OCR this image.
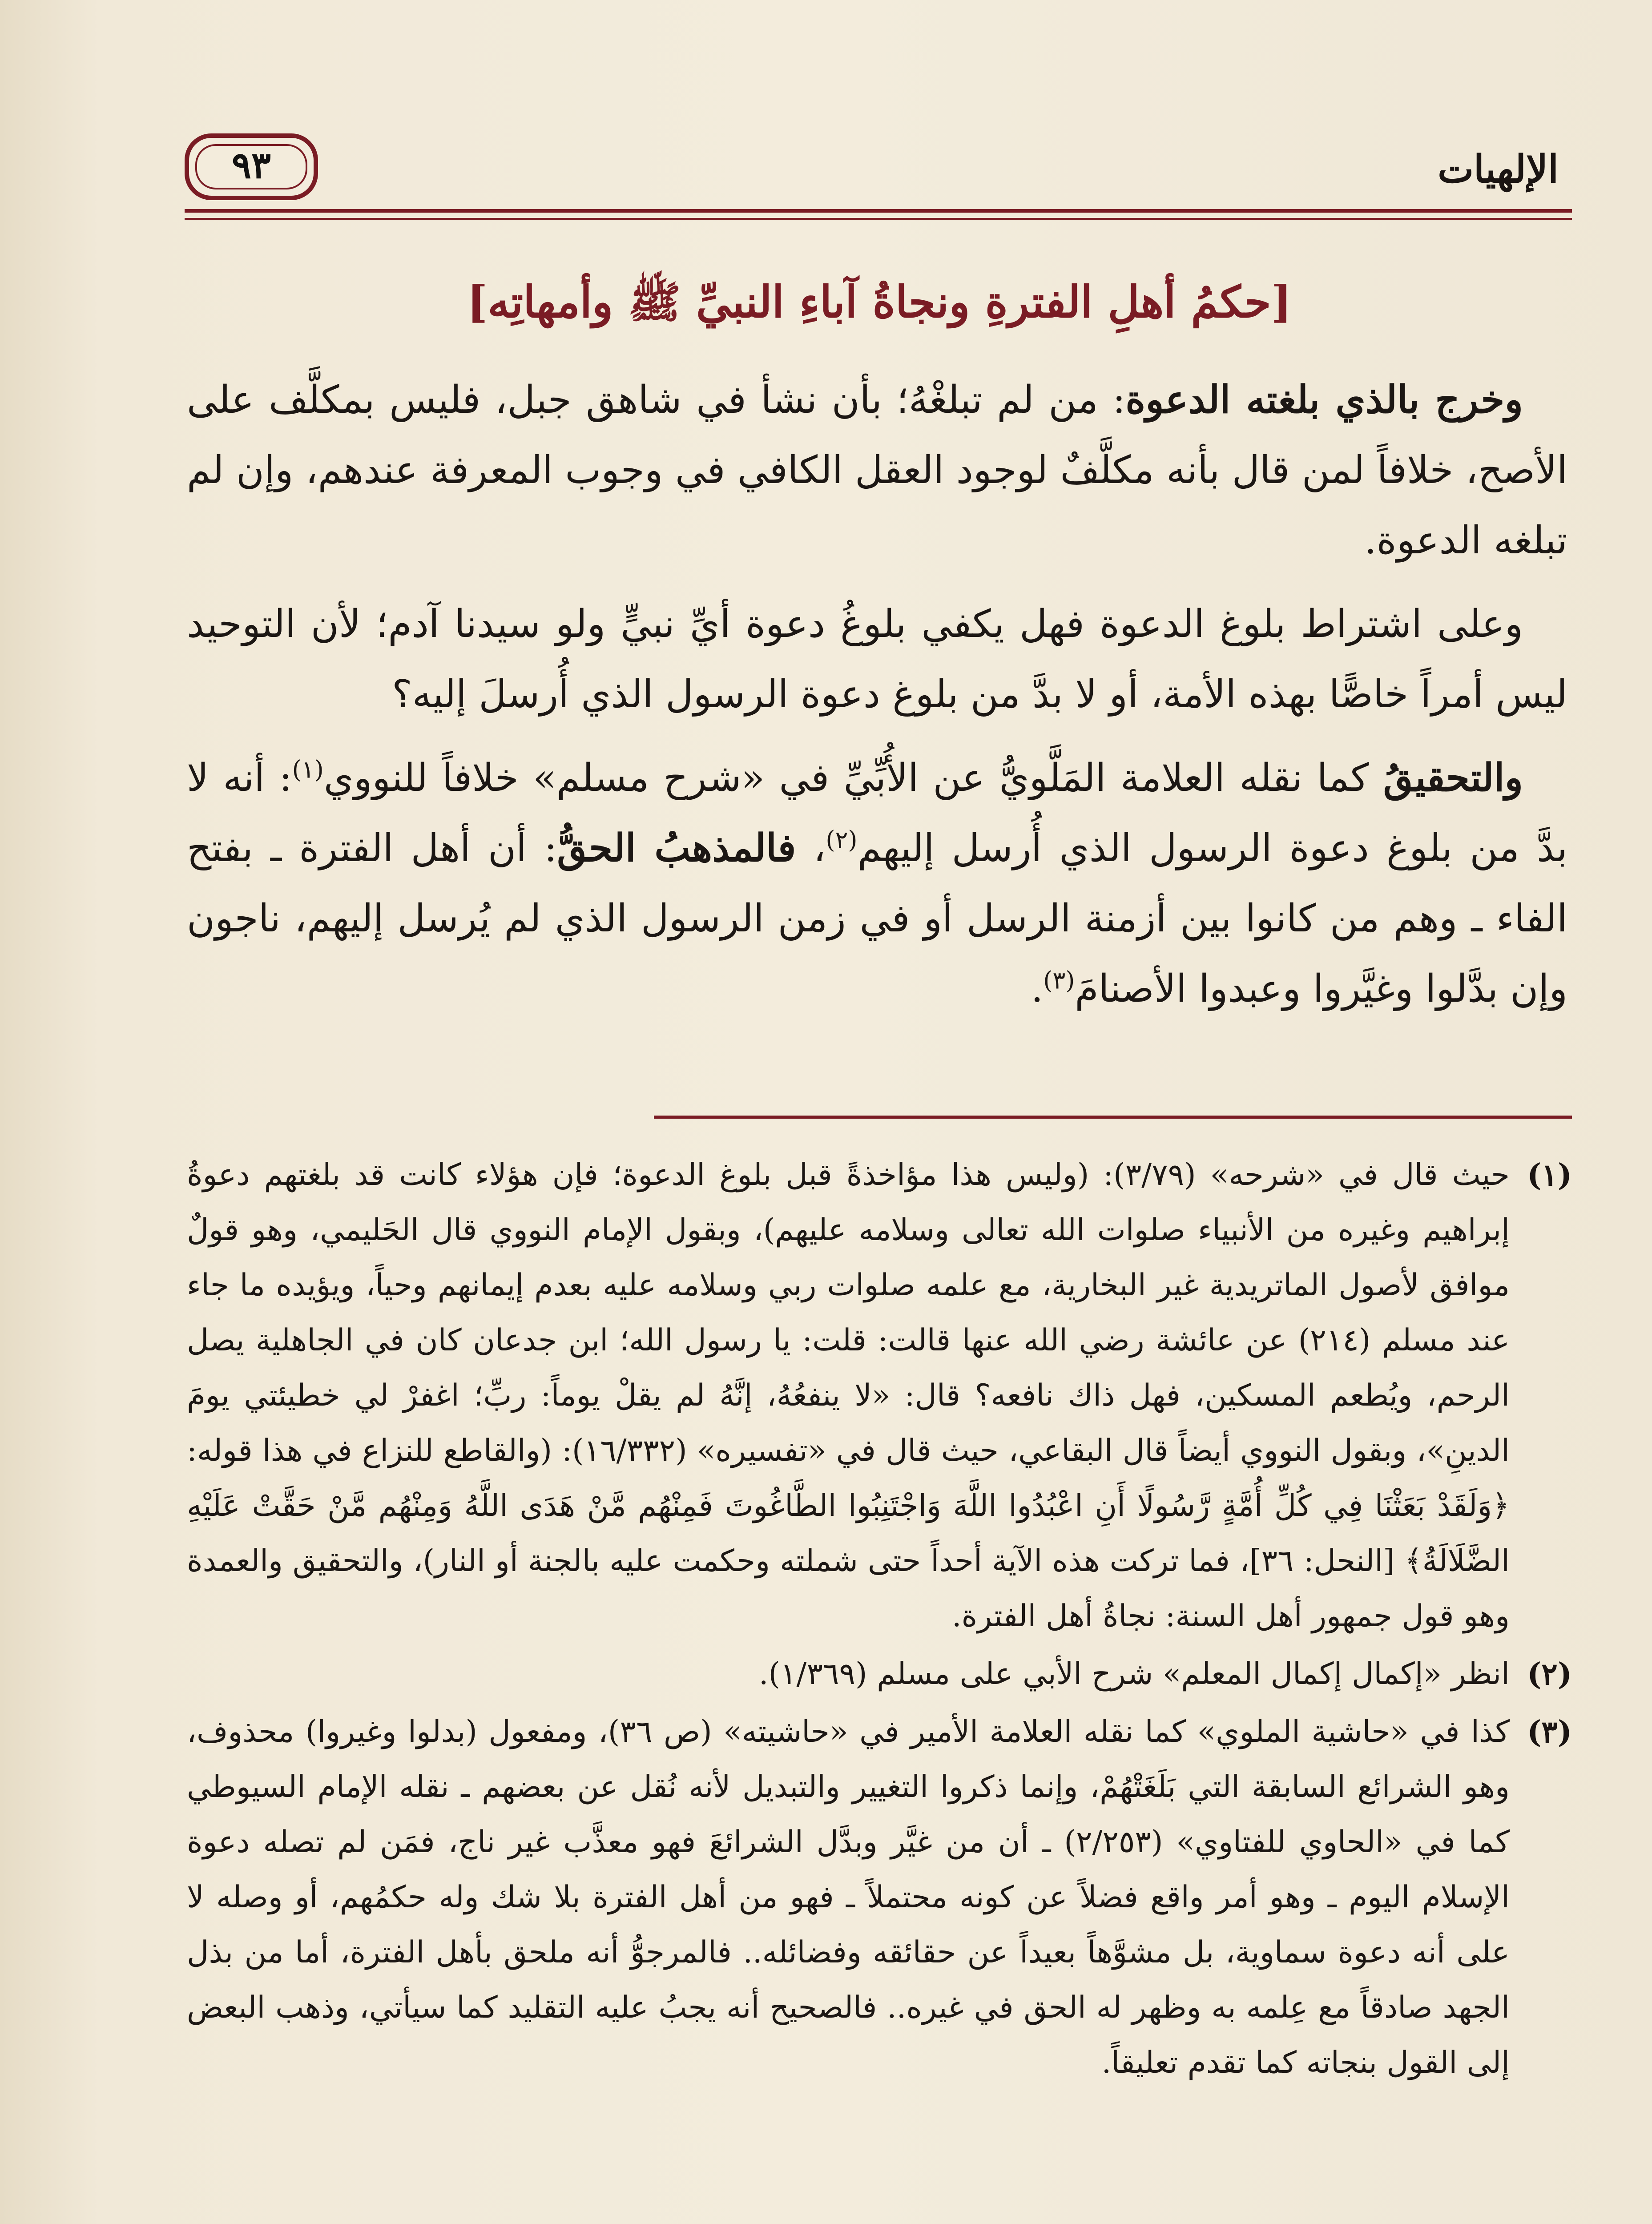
الإلهيات
٩٣
[حكمُ أهلِ الفترةِ ونجاةُ آباءِ النبيِّ ﷺ وأمهاتِه]

وخرج بالذي بلغته الدعوة: من لم تبلغْهُ؛ بأن نشأ في شاهق جبل، فليس بمكلَّف على الأصح، خلافاً لمن قال بأنه مكلَّفٌ لوجود العقل الكافي في وجوب المعرفة عندهم، وإن لم تبلغه الدعوة.

وعلى اشتراط بلوغ الدعوة فهل يكفي بلوغُ دعوة أيِّ نبيٍّ ولو سيدنا آدم؛ لأن التوحيد ليس أمراً خاصًّا بهذه الأمة، أو لا بدَّ من بلوغ دعوة الرسول الذي أُرسلَ إليه؟

والتحقيقُ كما نقله العلامة المَلَّويُّ عن الأُبِّيِّ في «شرح مسلم» خلافاً للنووي$^{(١)}$: أنه لا بدَّ من بلوغ دعوة الرسول الذي أُرسل إليهم$^{(٢)}$، فالمذهبُ الحقُّ: أن أهل الفترة ـ بفتح الفاء ـ وهم من كانوا بين أزمنة الرسل أو في زمن الرسول الذي لم يُرسل إليهم، ناجون وإن بدَّلوا وغيَّروا وعبدوا الأصنامَ$^{(٣)}$.

(١)
حيث قال في «شرحه» (٣/٧٩): (وليس هذا مؤاخذةً قبل بلوغ الدعوة؛ فإن هؤلاء كانت قد بلغتهم دعوةُ إبراهيم وغيره من الأنبياء صلوات الله تعالى وسلامه عليهم)، وبقول الإمام النووي قال الحَليمي، وهو قولٌ موافق لأصول الماتريدية غير البخارية، مع علمه صلوات ربي وسلامه عليه بعدم إيمانهم وحياً، ويؤيده ما جاء عند مسلم (٢١٤) عن عائشة رضي الله عنها قالت: قلت: يا رسول الله؛ ابن جدعان كان في الجاهلية يصل الرحم، ويُطعم المسكين، فهل ذاك نافعه؟ قال: «لا ينفعُهُ، إنَّهُ لم يقلْ يوماً: ربِّ؛ اغفرْ لي خطيئتي يومَ الدينِ»، وبقول النووي أيضاً قال البقاعي، حيث قال في «تفسيره» (١٦/٣٣٢): (والقاطع للنزاع في هذا قوله: ﴿وَلَقَدْ بَعَثْنَا فِي كُلِّ أُمَّةٍ رَّسُولًا أَنِ اعْبُدُوا اللَّهَ وَاجْتَنِبُوا الطَّاغُوتَ فَمِنْهُم مَّنْ هَدَى اللَّهُ وَمِنْهُم مَّنْ حَقَّتْ عَلَيْهِ الضَّلَالَةُ﴾ [النحل: ٣٦]، فما تركت هذه الآية أحداً حتى شملته وحكمت عليه بالجنة أو النار)، والتحقيق والعمدة وهو قول جمهور أهل السنة: نجاةُ أهل الفترة.
(٢)
انظر «إكمال إكمال المعلم» شرح الأبي على مسلم (١/٣٦٩).
(٣)
كذا في «حاشية الملوي» كما نقله العلامة الأمير في «حاشيته» (ص ٣٦)، ومفعول (بدلوا وغيروا) محذوف، وهو الشرائع السابقة التي بَلَغَتْهُمْ، وإنما ذكروا التغيير والتبديل لأنه نُقل عن بعضهم ـ نقله الإمام السيوطي كما في «الحاوي للفتاوي» (٢/٢٥٣) ـ أن من غيَّر وبدَّل الشرائعَ فهو معذَّب غير ناج، فمَن لم تصله دعوة الإسلام اليوم ـ وهو أمر واقع فضلاً عن كونه محتملاً ـ فهو من أهل الفترة بلا شك وله حكمُهم، أو وصله لا على أنه دعوة سماوية، بل مشوَّهاً بعيداً عن حقائقه وفضائله.. فالمرجوُّ أنه ملحق بأهل الفترة، أما من بذل الجهد صادقاً مع عِلمه به وظهر له الحق في غيره.. فالصحيح أنه يجبُ عليه التقليد كما سيأتي، وذهب البعض إلى القول بنجاته كما تقدم تعليقاً.
